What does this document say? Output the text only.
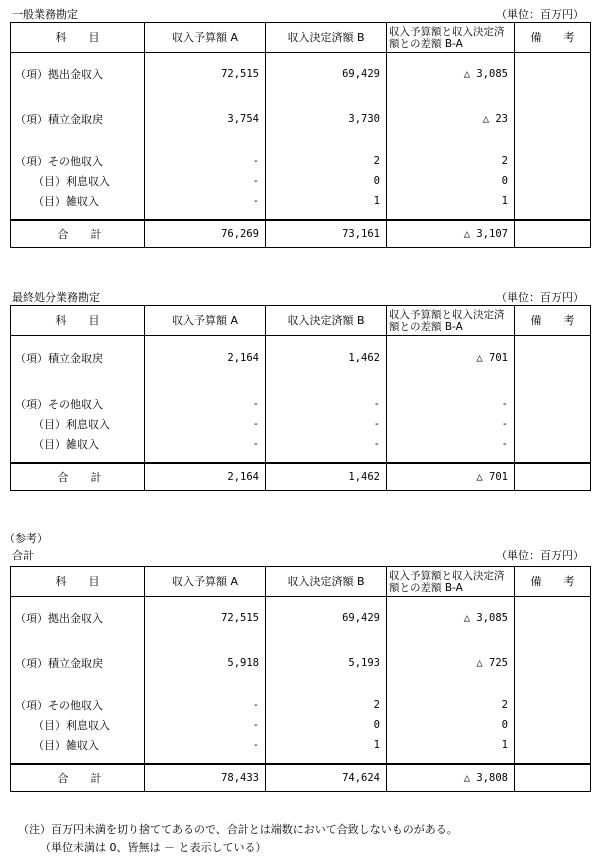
一般業務勘定	（単位：百万円）
科　　目	収入予算額 A	収入決定済額 B	収入予算額と収入決定済額との差額 B-A	備　　考

（項）拠出金収入	72,515	69,429	△ 3,085	

（項）積立金取戻	3,754	3,730	△ 23	

（項）その他収入	-	2	2	
（目）利息収入	-	0	0	
（目）雑収入	-	1	1	

合　　計	76,269	73,161	△ 3,107	
最終処分業務勘定	（単位：百万円）
科　　目	収入予算額 A	収入決定済額 B	収入予算額と収入決定済額との差額 B-A	備　　考

（項）積立金取戻	2,164	1,462	△ 701	

（項）その他収入	-	-	-	
（目）利息収入	-	-	-	
（目）雑収入	-	-	-	

合　　計	2,164	1,462	△ 701	
（参考）
合計	（単位：百万円）
科　　目	収入予算額 A	収入決定済額 B	収入予算額と収入決定済額との差額 B-A	備　　考

（項）拠出金収入	72,515	69,429	△ 3,085	

（項）積立金取戻	5,918	5,193	△ 725	

（項）その他収入	-	2	2	
（目）利息収入	-	0	0	
（目）雑収入	-	1	1	

合　　計	78,433	74,624	△ 3,808	
（注）百万円未満を切り捨ててあるので、合計とは端数において合致しないものがある。
（単位未満は 0、皆無は － と表示している）
